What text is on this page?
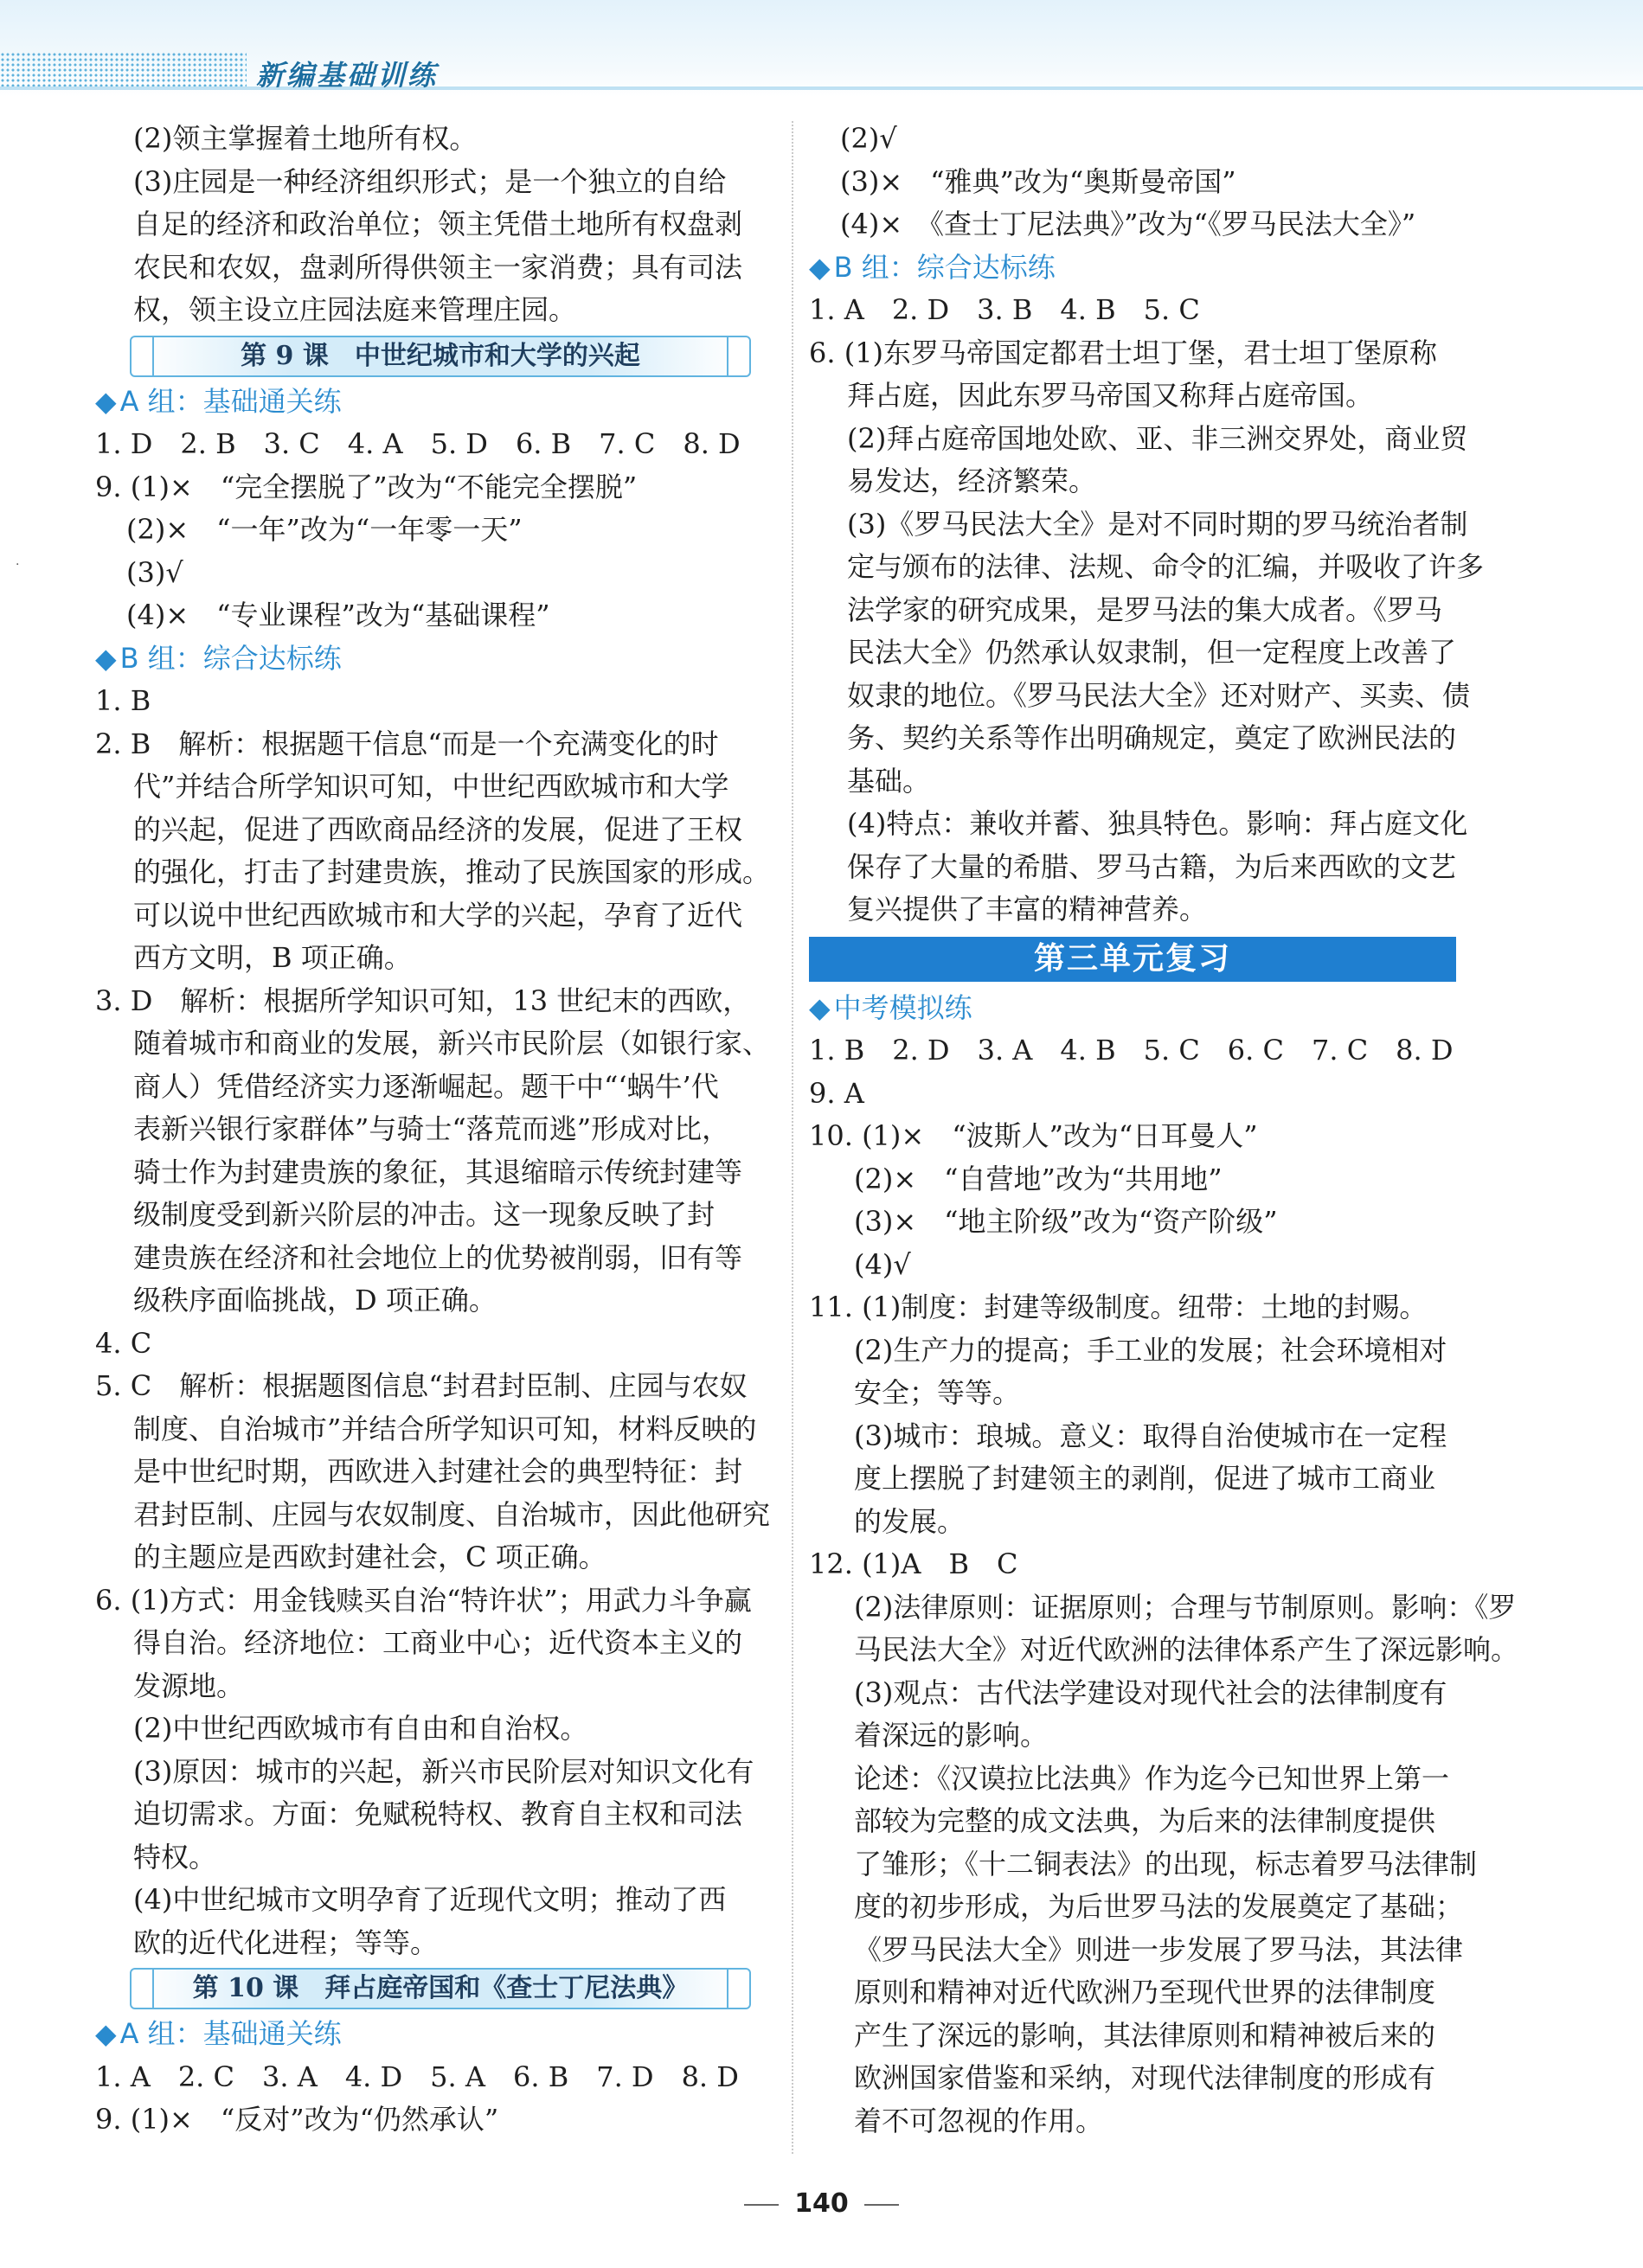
新编基础训练
·
(2)领主掌握着土地所有权。
(3)庄园是一种经济组织形式；是一个独立的自给
自足的经济和政治单位；领主凭借土地所有权盘剥
农民和农奴，盘剥所得供领主一家消费；具有司法
权，领主设立庄园法庭来管理庄园。
第 9 课　中世纪城市和大学的兴起
◆ A 组：基础通关练
1. D　2. B　3. C　4. A　5. D　6. B　7. C　8. D
9. (1)×　“完全摆脱了”改为“不能完全摆脱”
(2)×　“一年”改为“一年零一天”
(3)√
(4)×　“专业课程”改为“基础课程”
◆ B 组：综合达标练
1. B
2. B　解析：根据题干信息“而是一个充满变化的时
代”并结合所学知识可知，中世纪西欧城市和大学
的兴起，促进了西欧商品经济的发展，促进了王权
的强化，打击了封建贵族，推动了民族国家的形成。
可以说中世纪西欧城市和大学的兴起，孕育了近代
西方文明，B 项正确。
3. D　解析：根据所学知识可知，13 世纪末的西欧，
随着城市和商业的发展，新兴市民阶层（如银行家、
商人）凭借经济实力逐渐崛起。题干中“‘蜗牛’代
表新兴银行家群体”与骑士“落荒而逃”形成对比，
骑士作为封建贵族的象征，其退缩暗示传统封建等
级制度受到新兴阶层的冲击。这一现象反映了封
建贵族在经济和社会地位上的优势被削弱，旧有等
级秩序面临挑战，D 项正确。
4. C
5. C　解析：根据题图信息“封君封臣制、庄园与农奴
制度、自治城市”并结合所学知识可知，材料反映的
是中世纪时期，西欧进入封建社会的典型特征：封
君封臣制、庄园与农奴制度、自治城市，因此他研究
的主题应是西欧封建社会，C 项正确。
6. (1)方式：用金钱赎买自治“特许状”；用武力斗争赢
得自治。经济地位：工商业中心；近代资本主义的
发源地。
(2)中世纪西欧城市有自由和自治权。
(3)原因：城市的兴起，新兴市民阶层对知识文化有
迫切需求。方面：免赋税特权、教育自主权和司法
特权。
(4)中世纪城市文明孕育了近现代文明；推动了西
欧的近代化进程；等等。
第 10 课　拜占庭帝国和《查士丁尼法典》
◆ A 组：基础通关练
1. A　2. C　3. A　4. D　5. A　6. B　7. D　8. D
9. (1)×　“反对”改为“仍然承认”
(2)√
(3)×　“雅典”改为“奥斯曼帝国”
(4)×　《查士丁尼法典》”改为“《罗马民法大全》”
◆ B 组：综合达标练
1. A　2. D　3. B　4. B　5. C
6. (1)东罗马帝国定都君士坦丁堡，君士坦丁堡原称
拜占庭，因此东罗马帝国又称拜占庭帝国。
(2)拜占庭帝国地处欧、亚、非三洲交界处，商业贸
易发达，经济繁荣。
(3)《罗马民法大全》是对不同时期的罗马统治者制
定与颁布的法律、法规、命令的汇编，并吸收了许多
法学家的研究成果，是罗马法的集大成者。《罗马
民法大全》仍然承认奴隶制，但一定程度上改善了
奴隶的地位。《罗马民法大全》还对财产、买卖、债
务、契约关系等作出明确规定，奠定了欧洲民法的
基础。
(4)特点：兼收并蓄、独具特色。影响：拜占庭文化
保存了大量的希腊、罗马古籍，为后来西欧的文艺
复兴提供了丰富的精神营养。
第三单元复习
◆ 中考模拟练
1. B　2. D　3. A　4. B　5. C　6. C　7. C　8. D
9. A
10. (1)×　“波斯人”改为“日耳曼人”
(2)×　“自营地”改为“共用地”
(3)×　“地主阶级”改为“资产阶级”
(4)√
11. (1)制度：封建等级制度。纽带：土地的封赐。
(2)生产力的提高；手工业的发展；社会环境相对
安全；等等。
(3)城市：琅城。意义：取得自治使城市在一定程
度上摆脱了封建领主的剥削，促进了城市工商业
的发展。
12. (1)A　B　C
(2)法律原则：证据原则；合理与节制原则。影响：《罗
马民法大全》对近代欧洲的法律体系产生了深远影响。
(3)观点：古代法学建设对现代社会的法律制度有
着深远的影响。
论述：《汉谟拉比法典》作为迄今已知世界上第一
部较为完整的成文法典，为后来的法律制度提供
了雏形；《十二铜表法》的出现，标志着罗马法律制
度的初步形成，为后世罗马法的发展奠定了基础；
《罗马民法大全》则进一步发展了罗马法，其法律
原则和精神对近代欧洲乃至现代世界的法律制度
产生了深远的影响，其法律原则和精神被后来的
欧洲国家借鉴和采纳，对现代法律制度的形成有
着不可忽视的作用。
140
